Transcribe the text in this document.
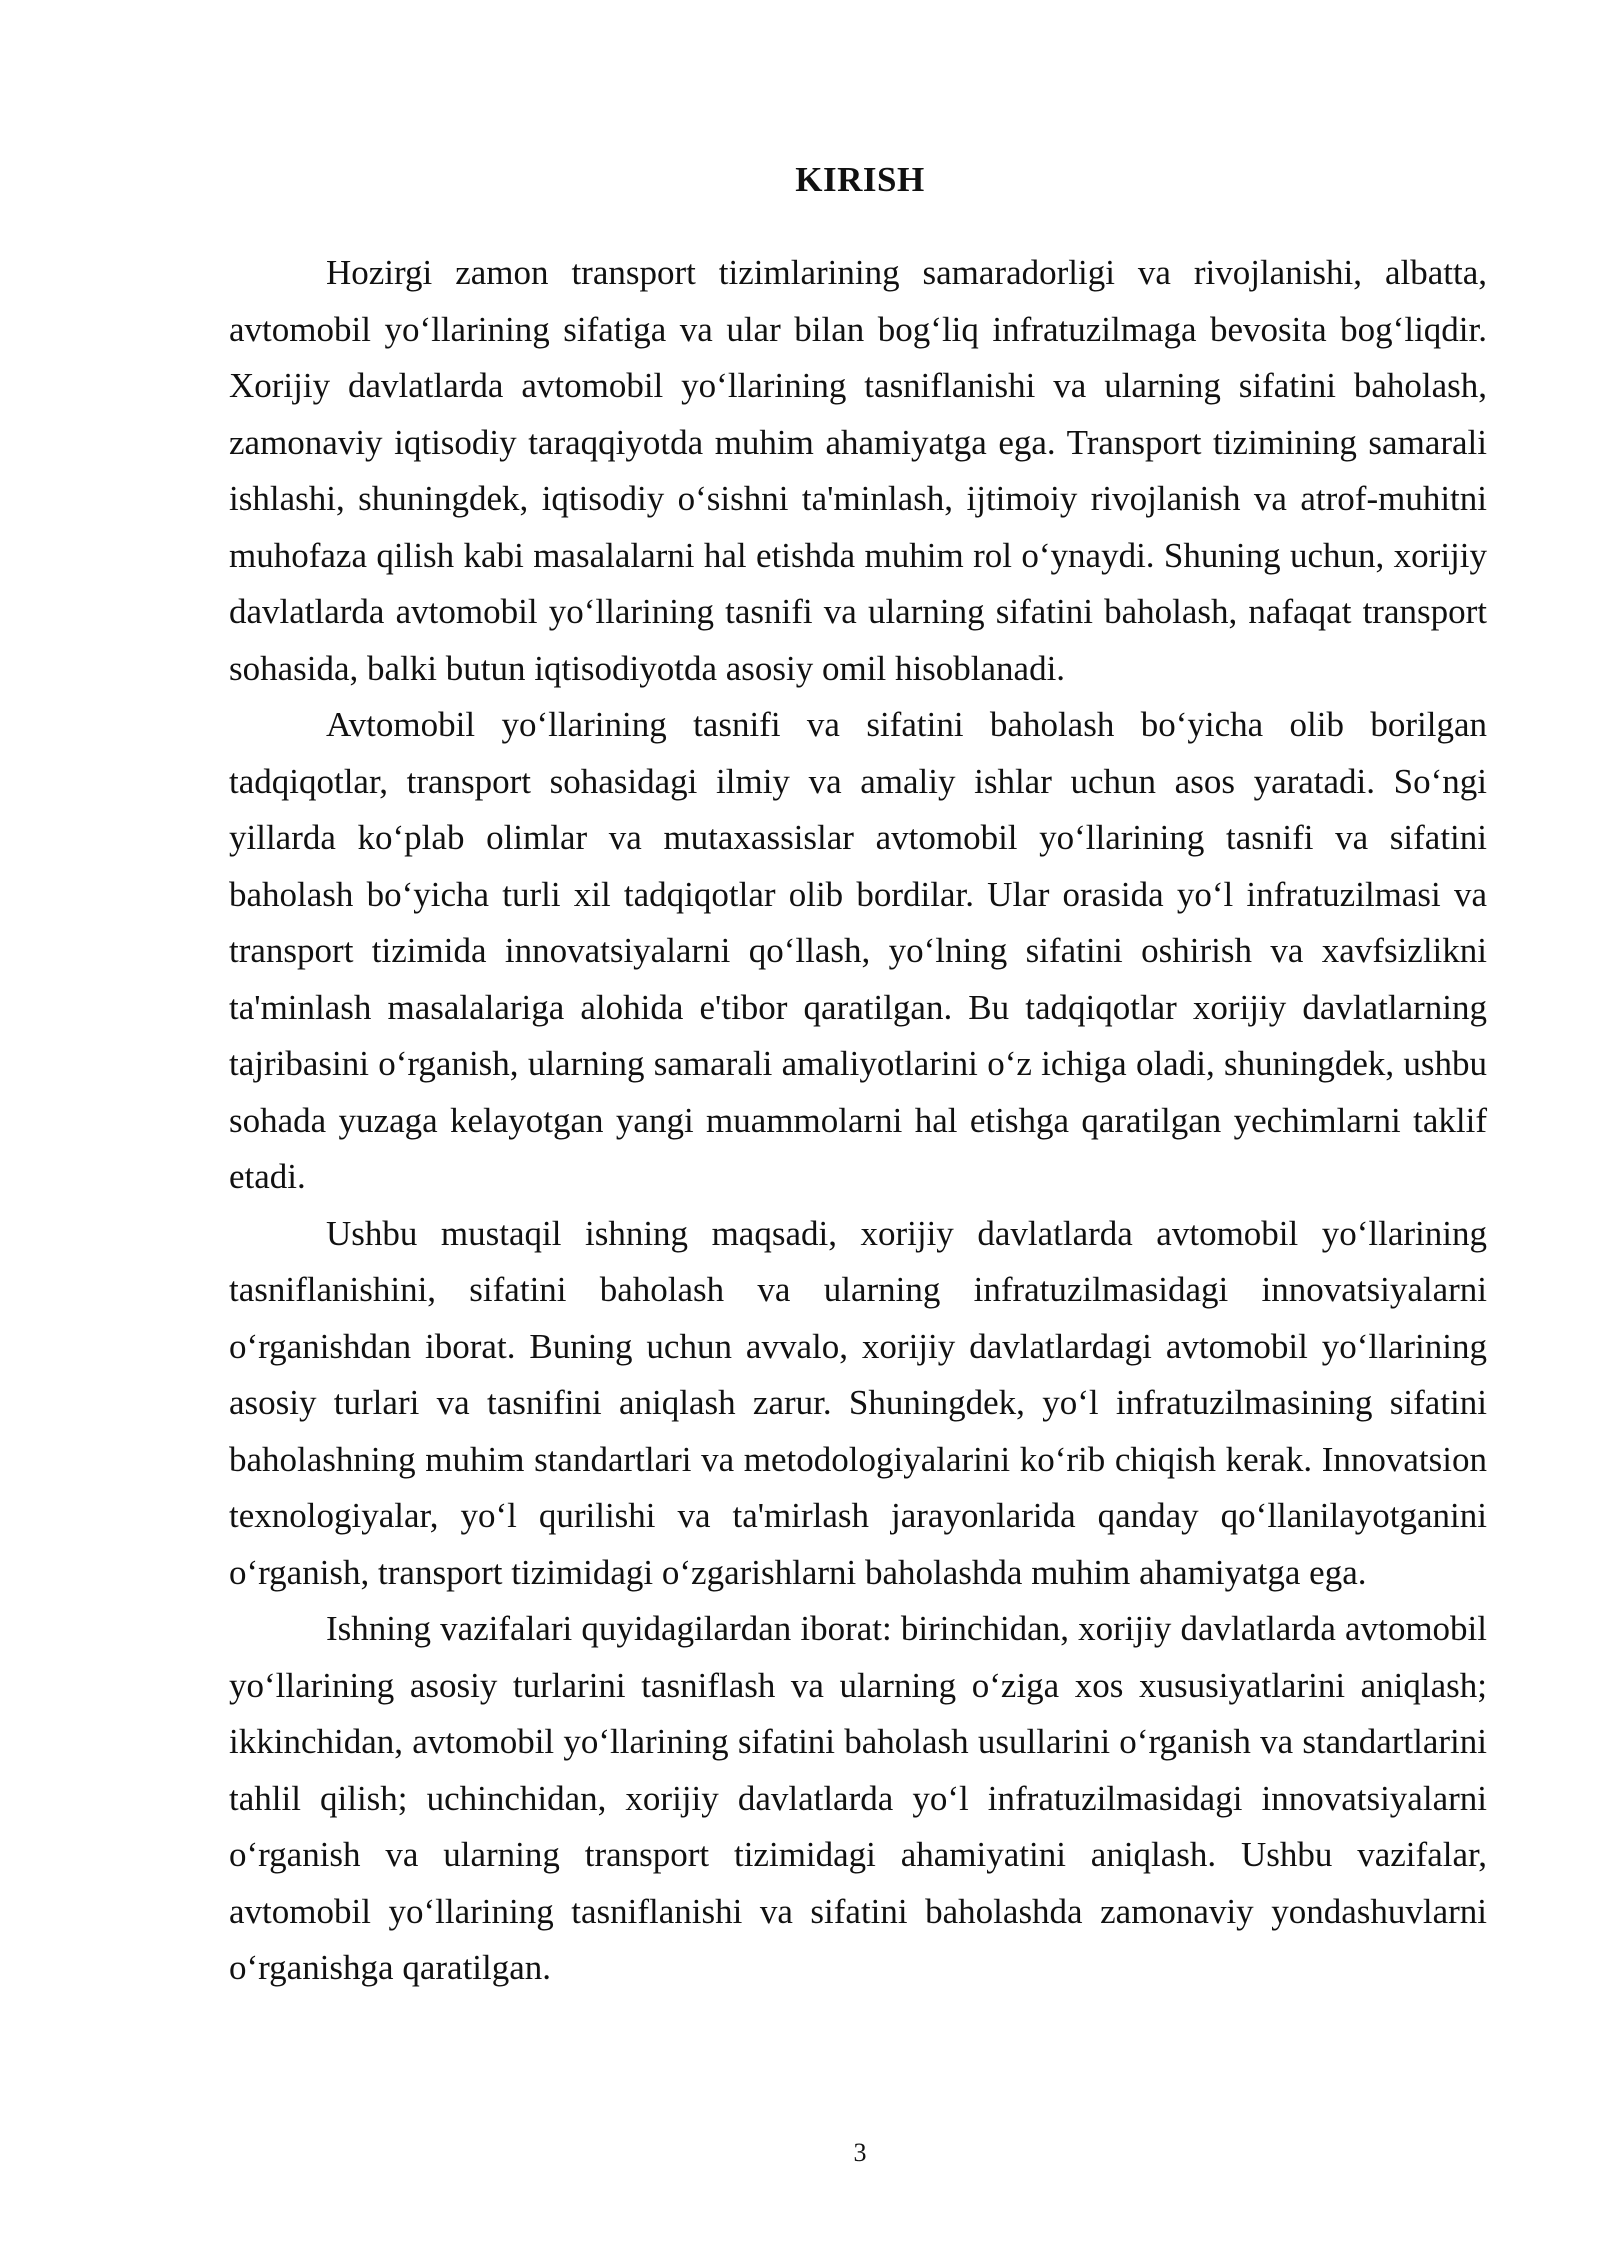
KIRISH

Hozirgi zamon transport tizimlarining samaradorligi va rivojlanishi, albatta, avtomobil yo‘llarining sifatiga va ular bilan bog‘liq infratuzilmaga bevosita bog‘liqdir. Xorijiy davlatlarda avtomobil yo‘llarining tasniflanishi va ularning sifatini baholash, zamonaviy iqtisodiy taraqqiyotda muhim ahamiyatga ega. Transport tizimining samarali ishlashi, shuningdek, iqtisodiy o‘sishni ta'minlash, ijtimoiy rivojlanish va atrof-muhitni muhofaza qilish kabi masalalarni hal etishda muhim rol o‘ynaydi. Shuning uchun, xorijiy davlatlarda avtomobil yo‘llarining tasnifi va ularning sifatini baholash, nafaqat transport sohasida, balki butun iqtisodiyotda asosiy omil hisoblanadi.

Avtomobil yo‘llarining tasnifi va sifatini baholash bo‘yicha olib borilgan tadqiqotlar, transport sohasidagi ilmiy va amaliy ishlar uchun asos yaratadi. So‘ngi yillarda ko‘plab olimlar va mutaxassislar avtomobil yo‘llarining tasnifi va sifatini baholash bo‘yicha turli xil tadqiqotlar olib bordilar. Ular orasida yo‘l infratuzilmasi va transport tizimida innovatsiyalarni qo‘llash, yo‘lning sifatini oshirish va xavfsizlikni ta'minlash masalalariga alohida e'tibor qaratilgan. Bu tadqiqotlar xorijiy davlatlarning tajribasini o‘rganish, ularning samarali amaliyotlarini o‘z ichiga oladi, shuningdek, ushbu sohada yuzaga kelayotgan yangi muammolarni hal etishga qaratilgan yechimlarni taklif etadi.

Ushbu mustaqil ishning maqsadi, xorijiy davlatlarda avtomobil yo‘llarining tasniflanishini, sifatini baholash va ularning infratuzilmasidagi innovatsiyalarni o‘rganishdan iborat. Buning uchun avvalo, xorijiy davlatlardagi avtomobil yo‘llarining asosiy turlari va tasnifini aniqlash zarur. Shuningdek, yo‘l infratuzilmasining sifatini baholashning muhim standartlari va metodologiyalarini ko‘rib chiqish kerak. Innovatsion texnologiyalar, yo‘l qurilishi va ta'mirlash jarayonlarida qanday qo‘llanilayotganini o‘rganish, transport tizimidagi o‘zgarishlarni baholashda muhim ahamiyatga ega.

Ishning vazifalari quyidagilardan iborat: birinchidan, xorijiy davlatlarda avtomobil yo‘llarining asosiy turlarini tasniflash va ularning o‘ziga xos xususiyatlarini aniqlash; ikkinchidan, avtomobil yo‘llarining sifatini baholash usullarini o‘rganish va standartlarini tahlil qilish; uchinchidan, xorijiy davlatlarda yo‘l infratuzilmasidagi innovatsiyalarni o‘rganish va ularning transport tizimidagi ahamiyatini aniqlash. Ushbu vazifalar, avtomobil yo‘llarining tasniflanishi va sifatini baholashda zamonaviy yondashuvlarni o‘rganishga qaratilgan.

3
